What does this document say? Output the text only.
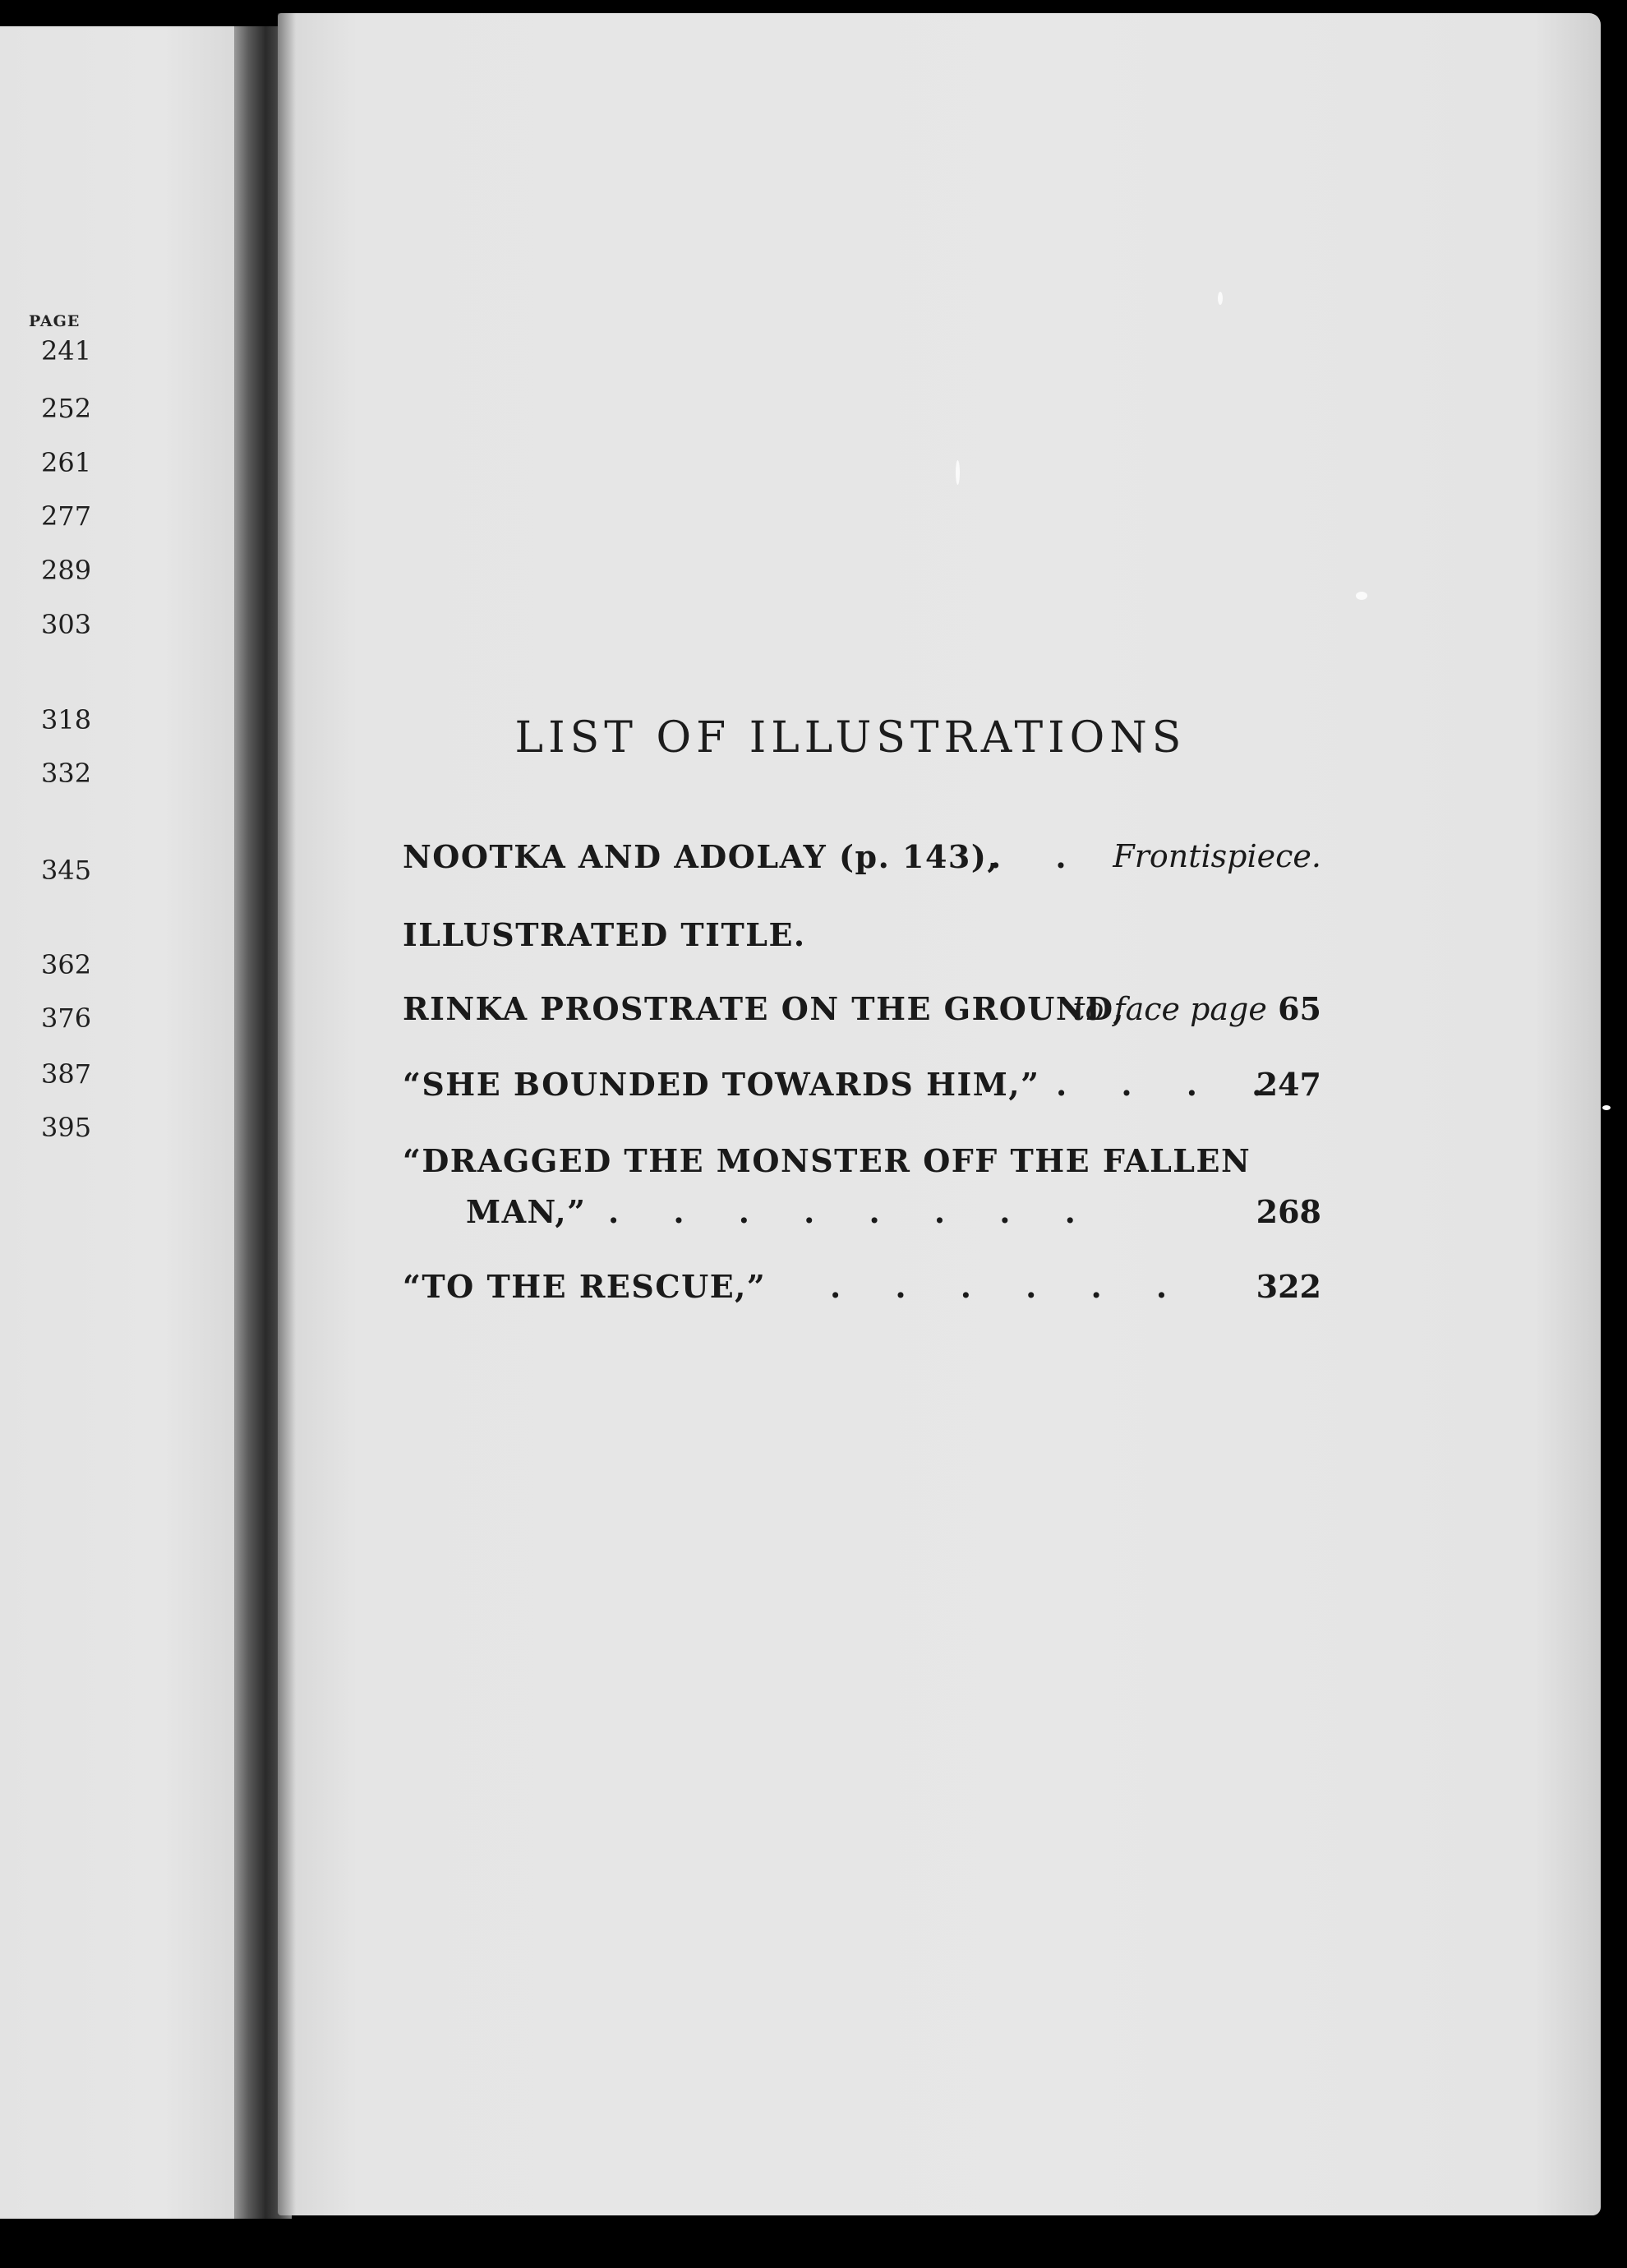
PAGE
241
252
261
277
289
303
318
332
345
362
376
387
395
LIST OF ILLUSTRATIONS
NOOTKA AND ADOLAY (p. 143),
.     . Frontispiece.
ILLUSTRATED TITLE.
RINKA PROSTRATE ON THE GROUND,
to face page 65
“SHE BOUNDED TOWARDS HIM,” .     .     .     .
247
“DRAGGED THE MONSTER OFF THE FALLEN
MAN,” .     .     .     .     .     .     .     .	268
“TO THE RESCUE,” .     .     .     .     .     .	322
